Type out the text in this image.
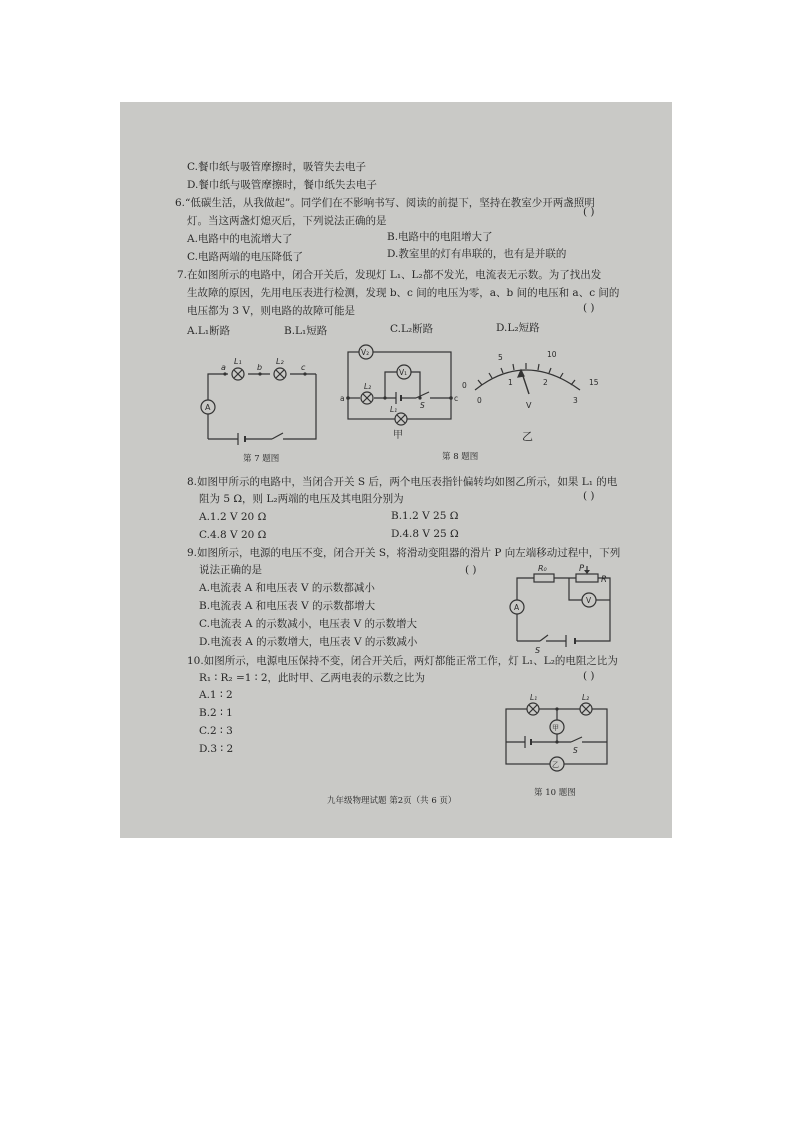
C.餐巾纸与吸管摩擦时，吸管失去电子
D.餐巾纸与吸管摩擦时，餐巾纸失去电子
6.“低碳生活，从我做起”。同学们在不影响书写、阅读的前提下，坚持在教室少开两盏照明
( )
灯。当这两盏灯熄灭后，下列说法正确的是
A.电路中的电流增大了	B.电路中的电阻增大了
C.电路两端的电压降低了	D.教室里的灯有串联的，也有是并联的
7.在如图所示的电路中，闭合开关后，发现灯 L₁、L₂都不发光，电流表无示数。为了找出发
生故障的原因，先用电压表进行检测，发现 b、c 间的电压为零，a、b 间的电压和 a、c 间的
电压都为 3 V，则电路的故障可能是	( )
A.L₁断路	B.L₁短路	C.L₂断路	D.L₂短路
a	b	c
L₁	L₂
A
第 7 题图
V₂
V₁
L₂
L₁	S
a	c
甲
0
5	10
15
0
1	2
3
V
乙
第 8 题图
8.如图甲所示的电路中，当闭合开关 S 后，两个电压表指针偏转均如图乙所示，如果 L₁ 的电
阻为 5 Ω，则 L₂两端的电压及其电阻分别为	( )
A.1.2 V 20 Ω	B.1.2 V 25 Ω
C.4.8 V 20 Ω	D.4.8 V 25 Ω
9.如图所示，电源的电压不变，闭合开关 S，将滑动变阻器的滑片 P 向左端移动过程中，下列
说法正确的是	( )
A.电流表 A 和电压表 V 的示数都减小
B.电流表 A 和电压表 V 的示数都增大
C.电流表 A 的示数减小，电压表 V 的示数增大
D.电流表 A 的示数增大，电压表 V 的示数减小
R₀	P
R
A
V
S
10.如图所示，电源电压保持不变，闭合开关后，两灯都能正常工作，灯 L₁、L₂的电阻之比为
R₁ ∶ R₂ =1 ∶ 2，此时甲、乙两电表的示数之比为	( )
A.1 ∶ 2
B.2 ∶ 1
C.2 ∶ 3
D.3 ∶ 2
L₁	L₂
甲
乙
S
第 10 题图
九年级物理试题 第2页（共 6 页）
